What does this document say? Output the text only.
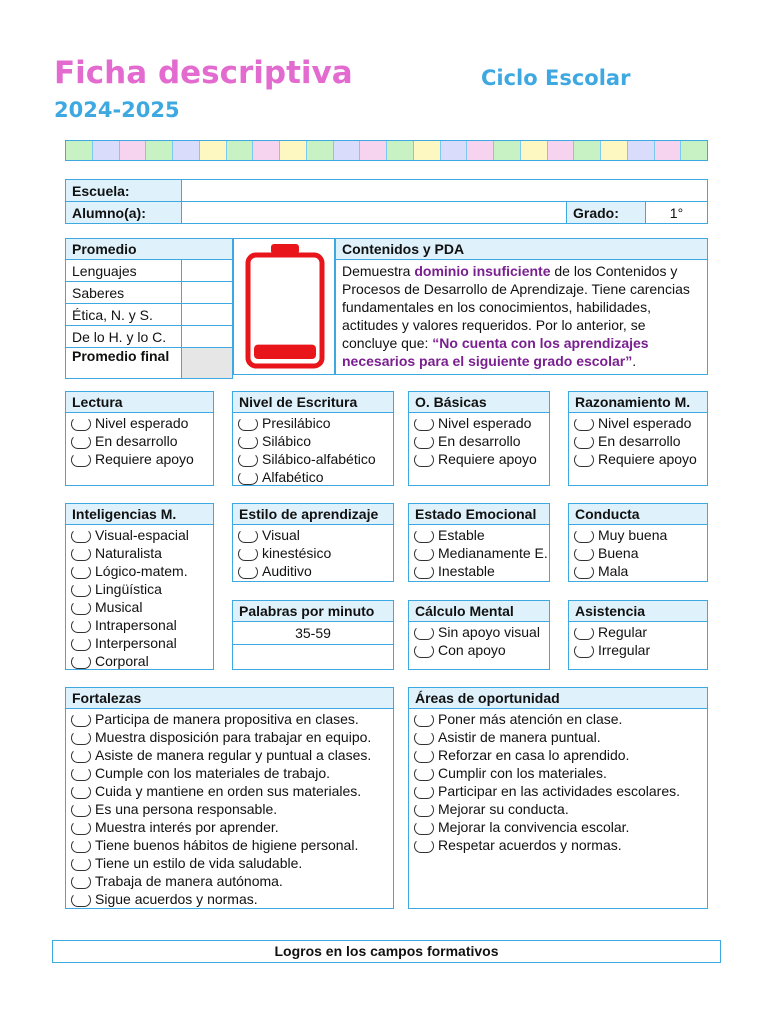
Ficha descriptiva	Ciclo Escolar
2024-2025
Escuela:			
Alumno(a):		Grado:	1°
Promedio	
Lenguajes	
Saberes	
Ética, N. y S.	
De lo H. y lo C.	
Promedio final	
Contenidos y PDA
Demuestra dominio insuficiente de los Contenidos y Procesos de Desarrollo de Aprendizaje. Tiene carencias fundamentales en los conocimientos, habilidades, actitudes y valores requeridos. Por lo anterior, se concluye que: “No cuenta con los aprendizajes necesarios para el siguiente grado escolar”.
Lectura
Nivel esperado
En desarrollo
Requiere apoyo
Nivel de Escritura
Presilábico
Silábico
Silábico-alfabético
Alfabético
O. Básicas
Nivel esperado
En desarrollo
Requiere apoyo
Razonamiento M.
Nivel esperado
En desarrollo
Requiere apoyo
Inteligencias M.
Visual-espacial
Naturalista
Lógico-matem.
Lingüística
Musical
Intrapersonal
Interpersonal
Corporal
Estilo de aprendizaje
Visual
kinestésico
Auditivo
Estado Emocional
Estable
Medianamente E.
Inestable
Conducta
Muy buena
Buena
Mala
Palabras por minuto
35-59
Cálculo Mental
Sin apoyo visual
Con apoyo
Asistencia
Regular
Irregular
Fortalezas
Participa de manera propositiva en clases.
Muestra disposición para trabajar en equipo.
Asiste de manera regular y puntual a clases.
Cumple con los materiales de trabajo.
Cuida y mantiene en orden sus materiales.
Es una persona responsable.
Muestra interés por aprender.
Tiene buenos hábitos de higiene personal.
Tiene un estilo de vida saludable.
Trabaja de manera autónoma.
Sigue acuerdos y normas.
Áreas de oportunidad
Poner más atención en clase.
Asistir de manera puntual.
Reforzar en casa lo aprendido.
Cumplir con los materiales.
Participar en las actividades escolares.
Mejorar su conducta.
Mejorar la convivencia escolar.
Respetar acuerdos y normas.
Logros en los campos formativos
